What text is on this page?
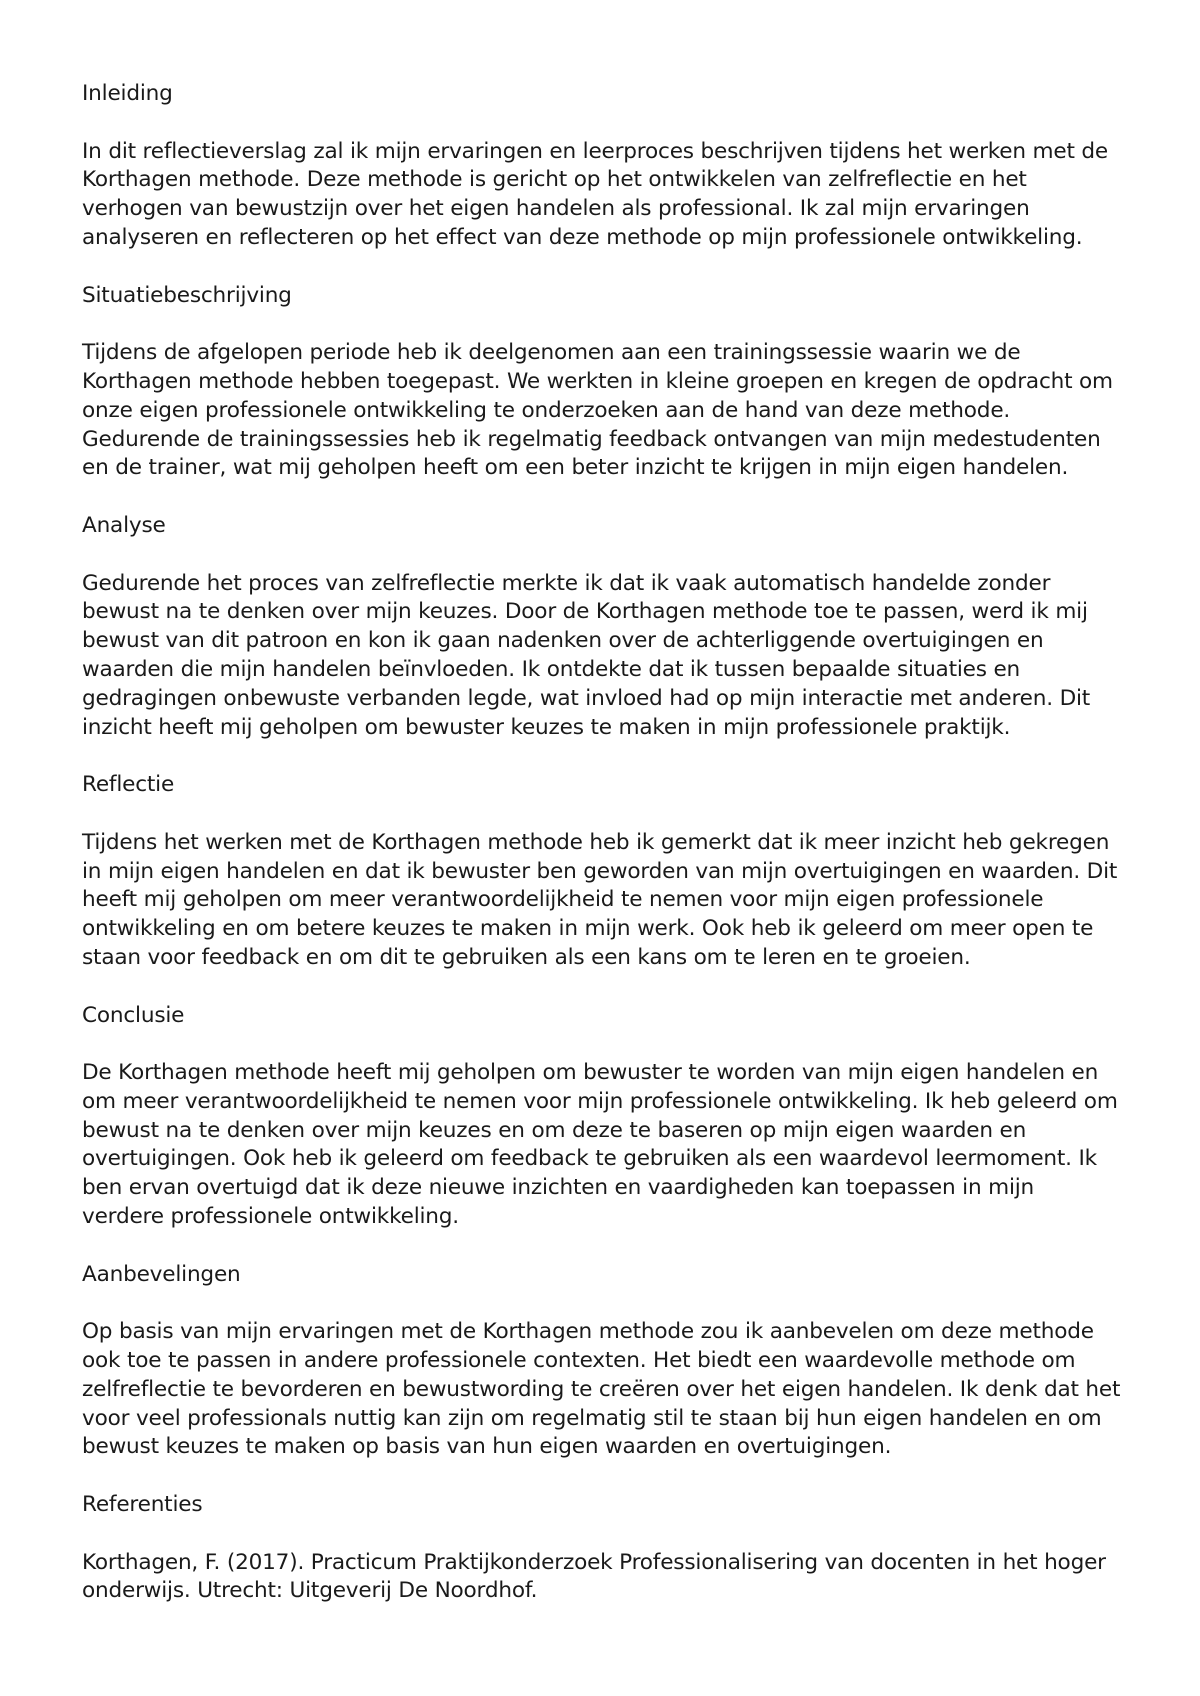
Inleiding

In dit reflectieverslag zal ik mijn ervaringen en leerproces beschrijven tijdens het werken met de Korthagen methode. Deze methode is gericht op het ontwikkelen van zelfreflectie en het verhogen van bewustzijn over het eigen handelen als professional. Ik zal mijn ervaringen analyseren en reflecteren op het effect van deze methode op mijn professionele ontwikkeling.

Situatiebeschrijving

Tijdens de afgelopen periode heb ik deelgenomen aan een trainingssessie waarin we de Korthagen methode hebben toegepast. We werkten in kleine groepen en kregen de opdracht om onze eigen professionele ontwikkeling te onderzoeken aan de hand van deze methode. Gedurende de trainingssessies heb ik regelmatig feedback ontvangen van mijn medestudenten en de trainer, wat mij geholpen heeft om een beter inzicht te krijgen in mijn eigen handelen.

Analyse

Gedurende het proces van zelfreflectie merkte ik dat ik vaak automatisch handelde zonder bewust na te denken over mijn keuzes. Door de Korthagen methode toe te passen, werd ik mij bewust van dit patroon en kon ik gaan nadenken over de achterliggende overtuigingen en waarden die mijn handelen beïnvloeden. Ik ontdekte dat ik tussen bepaalde situaties en gedragingen onbewuste verbanden legde, wat invloed had op mijn interactie met anderen. Dit inzicht heeft mij geholpen om bewuster keuzes te maken in mijn professionele praktijk.

Reflectie

Tijdens het werken met de Korthagen methode heb ik gemerkt dat ik meer inzicht heb gekregen in mijn eigen handelen en dat ik bewuster ben geworden van mijn overtuigingen en waarden. Dit heeft mij geholpen om meer verantwoordelijkheid te nemen voor mijn eigen professionele ontwikkeling en om betere keuzes te maken in mijn werk. Ook heb ik geleerd om meer open te staan voor feedback en om dit te gebruiken als een kans om te leren en te groeien.

Conclusie

De Korthagen methode heeft mij geholpen om bewuster te worden van mijn eigen handelen en om meer verantwoordelijkheid te nemen voor mijn professionele ontwikkeling. Ik heb geleerd om bewust na te denken over mijn keuzes en om deze te baseren op mijn eigen waarden en overtuigingen. Ook heb ik geleerd om feedback te gebruiken als een waardevol leermoment. Ik ben ervan overtuigd dat ik deze nieuwe inzichten en vaardigheden kan toepassen in mijn verdere professionele ontwikkeling.

Aanbevelingen

Op basis van mijn ervaringen met de Korthagen methode zou ik aanbevelen om deze methode ook toe te passen in andere professionele contexten. Het biedt een waardevolle methode om zelfreflectie te bevorderen en bewustwording te creëren over het eigen handelen. Ik denk dat het voor veel professionals nuttig kan zijn om regelmatig stil te staan bij hun eigen handelen en om bewust keuzes te maken op basis van hun eigen waarden en overtuigingen.

Referenties

Korthagen, F. (2017). Practicum Praktijkonderzoek Professionalisering van docenten in het hoger onderwijs. Utrecht: Uitgeverij De Noordhof.
